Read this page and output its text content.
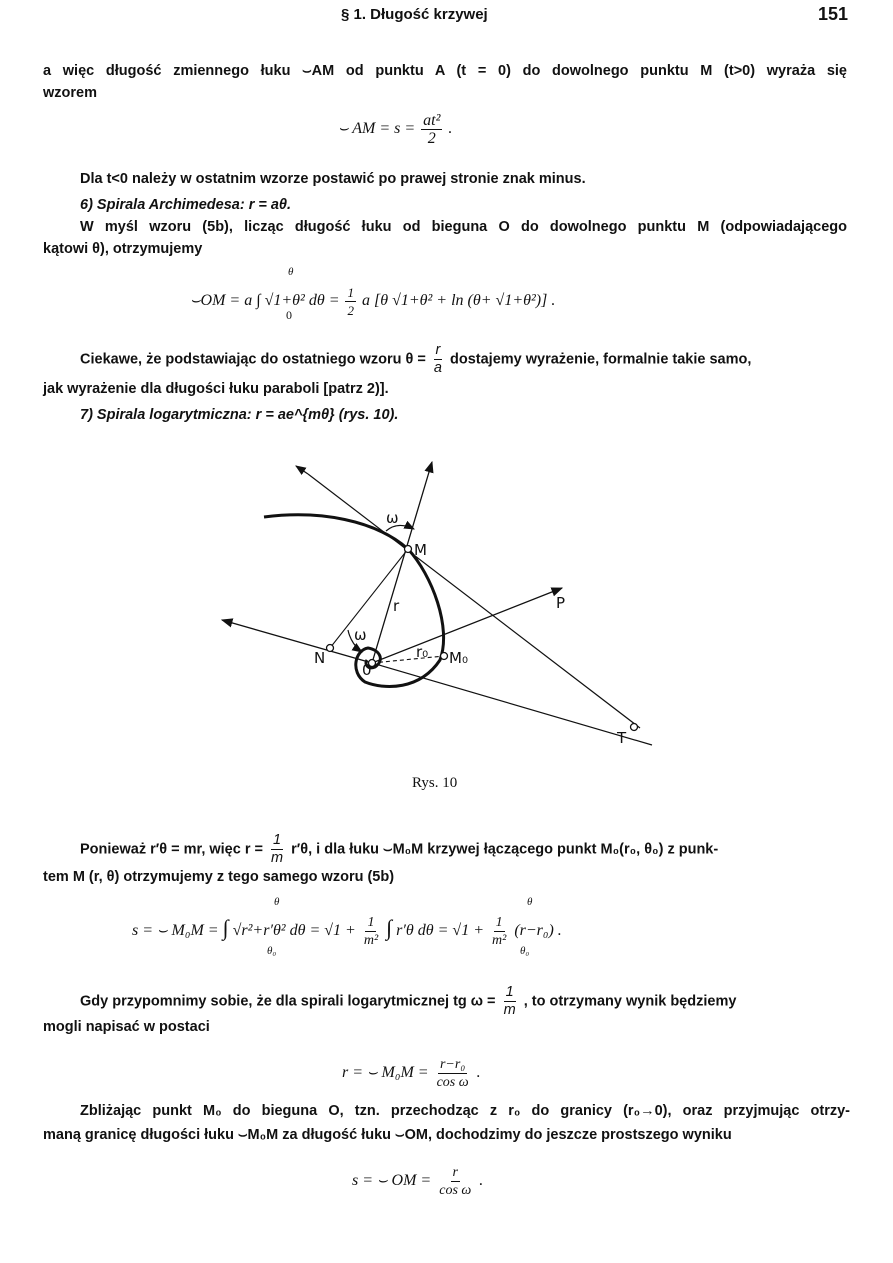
§ 1. Długość krzywej	151
a więc długość zmiennego łuku ⌣AM od punktu A (t = 0) do dowolnego punktu M (t>0) wyraża się
wzorem
⌣ AM = $s = \frac{\text{at²}}{2}$ .
Dla t<0 należy w ostatnim wzorze postawić po prawej stronie znak minus.
6) Spirala Archimedesa: r = aθ.
W myśl wzoru (5b), licząc długość łuku od bieguna O do dowolnego punktu M (odpowiadającego
kątowi θ), otrzymujemy
θ
0
⌣OM = a ∫ √1+θ² $d\theta = \frac{1}{2}$ a [θ √1+θ² + ln (θ+ √1+θ²)] .
Ciekawe, że podstawiając do ostatniego wzoru $\theta = \frac{r}{a}$ dostajemy wyrażenie, formalnie takie samo,
jak wyrażenie dla długości łuku paraboli [patrz 2)].
7) Spirala logarytmiczna: r = ae^{mθ} (rys. 10).
ω
M
r	P
ω
N	r₀
0
M₀
T
Rys. 10
Ponieważ r′θ = mr, więc $r = \frac{1}{m} r'\theta$, i dla łuku ⌣M₀M krzywej łączącego punkt M₀(r₀, θ₀) z punk-
tem M (r, θ) otrzymujemy z tego samego wzoru (5b)
θ
θ₀
θ
θ₀
s = ⌣ M₀M = ∫ √r²+r′θ² $d\theta = √1 + \frac{1}{\text{m²}}$ ∫ r′θ $d\theta = √1 + \frac{1}{\text{m²}} (r-r_0)$ .
Gdy przypomnimy sobie, że dla spirali logarytmicznej tg $\omega = \frac{1}{m}$ , to otrzymany wynik będziemy
mogli napisać w postaci
r = ⌣ $M_0M = \frac{\text{r−r₀}}{\text{cos ω}}$ .
Zbliżając punkt M₀ do bieguna O, tzn. przechodząc z r₀ do granicy (r₀→0), oraz przyjmując otrzy-
maną granicę długości łuku ⌣M₀M za długość łuku ⌣OM, dochodzimy do jeszcze prostszego wyniku
s = ⌣ OM = $\frac{r}{\text{cos ω}}$ .
